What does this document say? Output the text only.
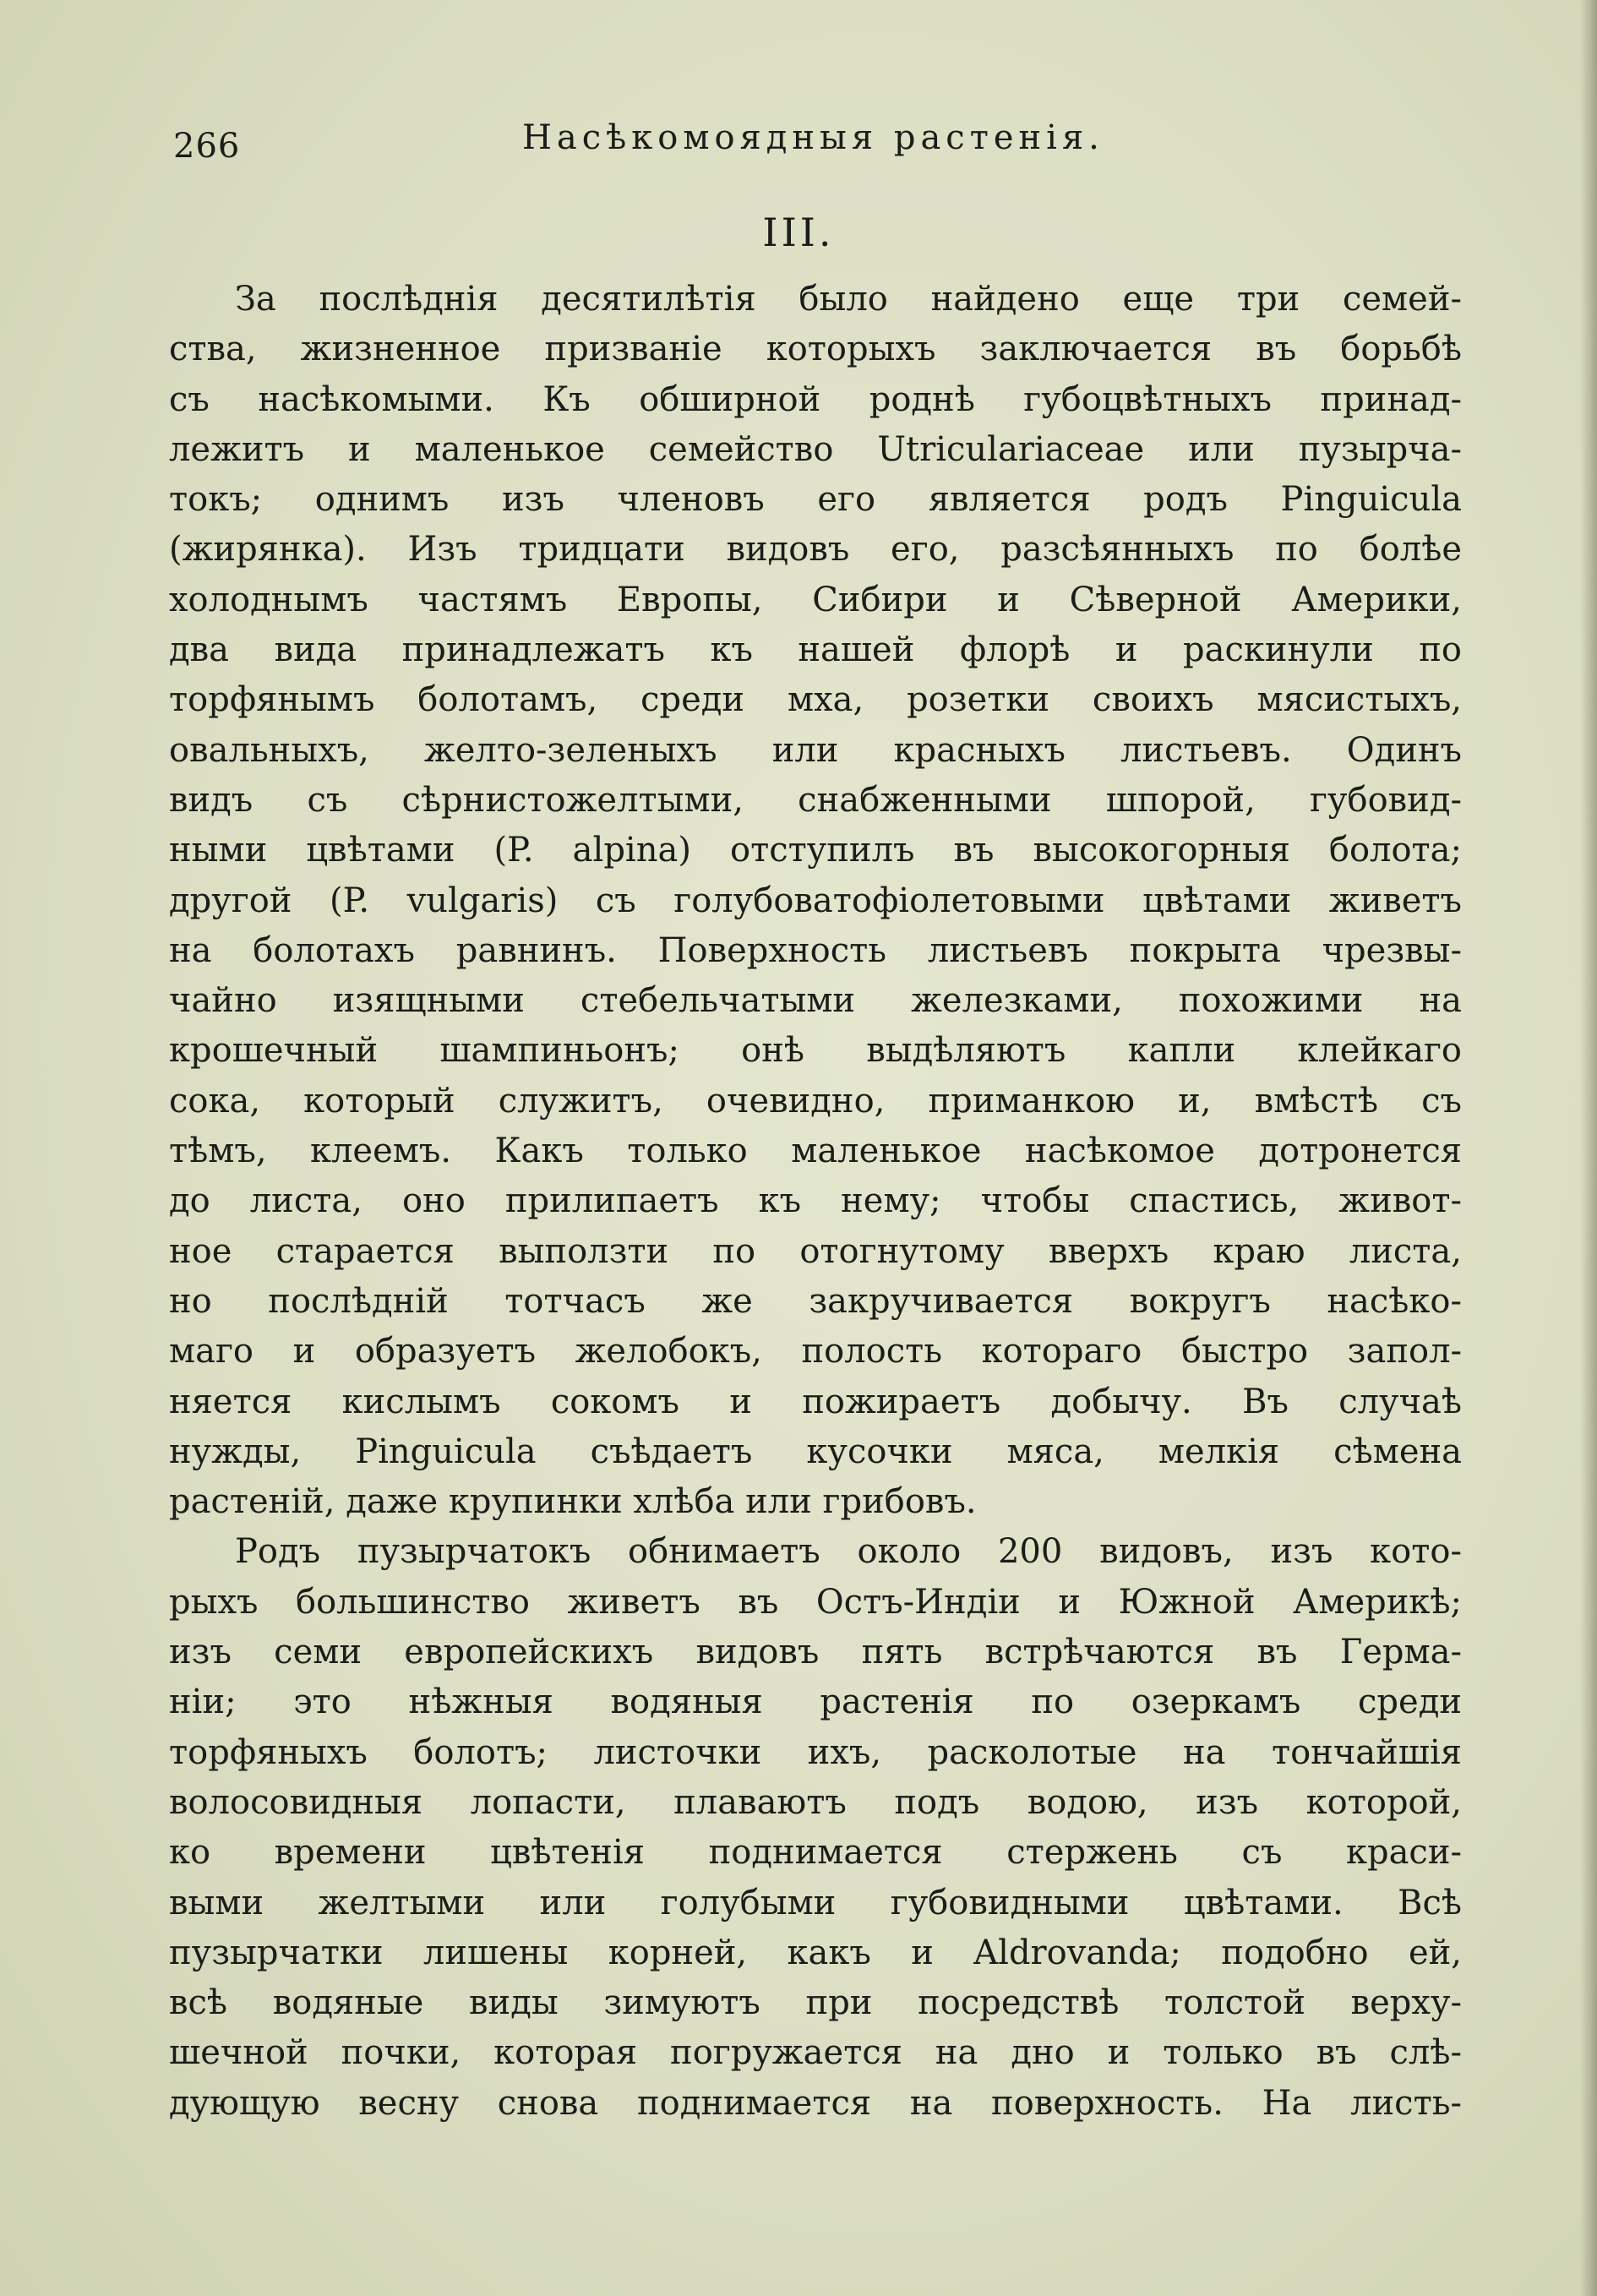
266	Насѣкомоядныя растенія.
III.
За послѣднія десятилѣтія было найдено еще три семей-
ства, жизненное призваніе которыхъ заключается въ борьбѣ
съ насѣкомыми. Къ обширной роднѣ губоцвѣтныхъ принад-
лежитъ и маленькое семейство Utriculariaceae или пузырча-
токъ; однимъ изъ членовъ его является родъ Pinguicula
(жирянка). Изъ тридцати видовъ его, разсѣянныхъ по болѣе
холоднымъ частямъ Европы, Сибири и Сѣверной Америки,
два вида принадлежатъ къ нашей флорѣ и раскинули по
торфянымъ болотамъ, среди мха, розетки своихъ мясистыхъ,
овальныхъ, желто-зеленыхъ или красныхъ листьевъ. Одинъ
видъ съ сѣрнистожелтыми, снабженными шпорой, губовид-
ными цвѣтами (P. alpina) отступилъ въ высокогорныя болота;
другой (P. vulgaris) съ голубоватофіолетовыми цвѣтами живетъ
на болотахъ равнинъ. Поверхность листьевъ покрыта чрезвы-
чайно изящными стебельчатыми железками, похожими на
крошечный шампиньонъ; онѣ выдѣляютъ капли клейкаго
сока, который служитъ, очевидно, приманкою и, вмѣстѣ съ
тѣмъ, клеемъ. Какъ только маленькое насѣкомое дотронется
до листа, оно прилипаетъ къ нему; чтобы спастись, живот-
ное старается выползти по отогнутому вверхъ краю листа,
но послѣдній тотчасъ же закручивается вокругъ насѣко-
маго и образуетъ желобокъ, полость котораго быстро запол-
няется кислымъ сокомъ и пожираетъ добычу. Въ случаѣ
нужды, Pinguicula съѣдаетъ кусочки мяса, мелкія сѣмена
растеній, даже крупинки хлѣба или грибовъ.
Родъ пузырчатокъ обнимаетъ около 200 видовъ, изъ кото-
рыхъ большинство живетъ въ Остъ-Индіи и Южной Америкѣ;
изъ семи европейскихъ видовъ пять встрѣчаются въ Герма-
ніи; это нѣжныя водяныя растенія по озеркамъ среди
торфяныхъ болотъ; листочки ихъ, расколотые на тончайшія
волосовидныя лопасти, плаваютъ подъ водою, изъ которой,
ко времени цвѣтенія поднимается стержень съ краси-
выми желтыми или голубыми губовидными цвѣтами. Всѣ
пузырчатки лишены корней, какъ и Aldrovanda; подобно ей,
всѣ водяные виды зимуютъ при посредствѣ толстой верху-
шечной почки, которая погружается на дно и только въ слѣ-
дующую весну снова поднимается на поверхность. На листь-
